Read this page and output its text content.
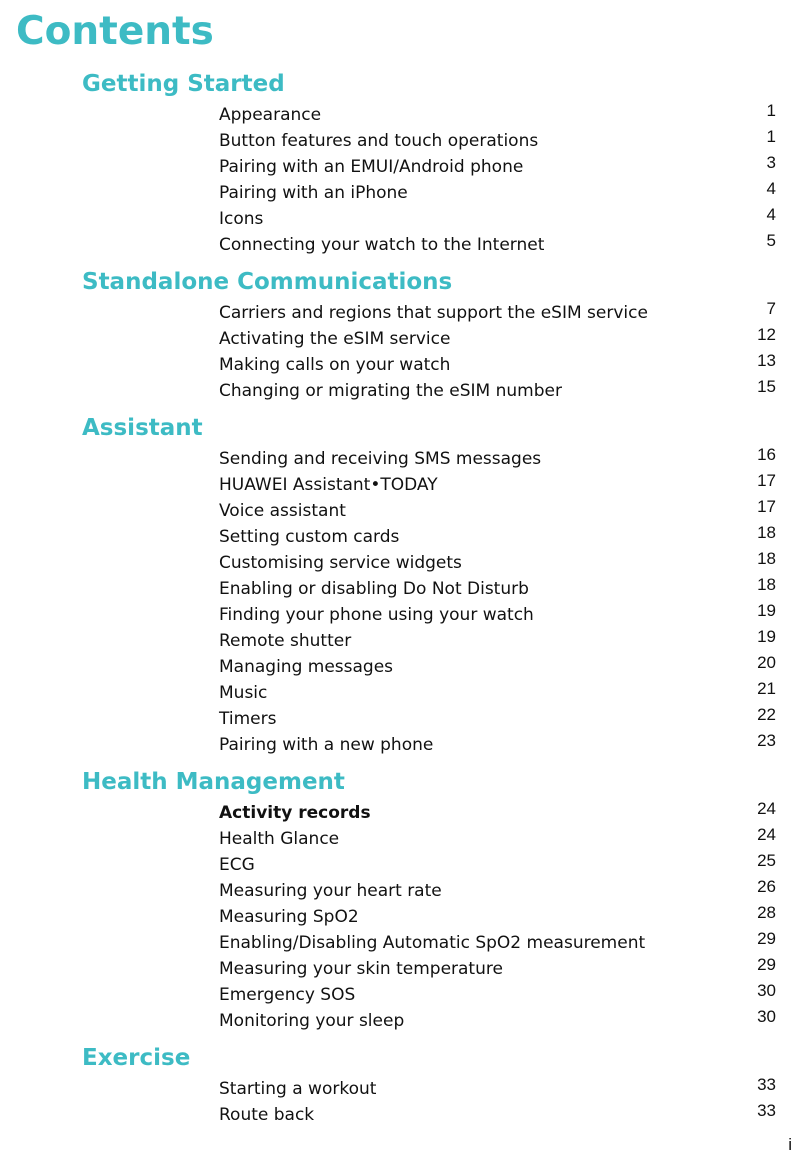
Contents
Getting Started
Appearance	1
Button features and touch operations	1
Pairing with an EMUI/Android phone	3
Pairing with an iPhone	4
Icons	4
Connecting your watch to the Internet	5
Standalone Communications
Carriers and regions that support the eSIM service	7
Activating the eSIM service	12
Making calls on your watch	13
Changing or migrating the eSIM number	15
Assistant
Sending and receiving SMS messages	16
HUAWEI Assistant•TODAY	17
Voice assistant	17
Setting custom cards	18
Customising service widgets	18
Enabling or disabling Do Not Disturb	18
Finding your phone using your watch	19
Remote shutter	19
Managing messages	20
Music	21
Timers	22
Pairing with a new phone	23
Health Management
Activity records	24
Health Glance	24
ECG	25
Measuring your heart rate	26
Measuring SpO2	28
Enabling/Disabling Automatic SpO2 measurement	29
Measuring your skin temperature	29
Emergency SOS	30
Monitoring your sleep	30
Exercise
Starting a workout	33
Route back	33
i
